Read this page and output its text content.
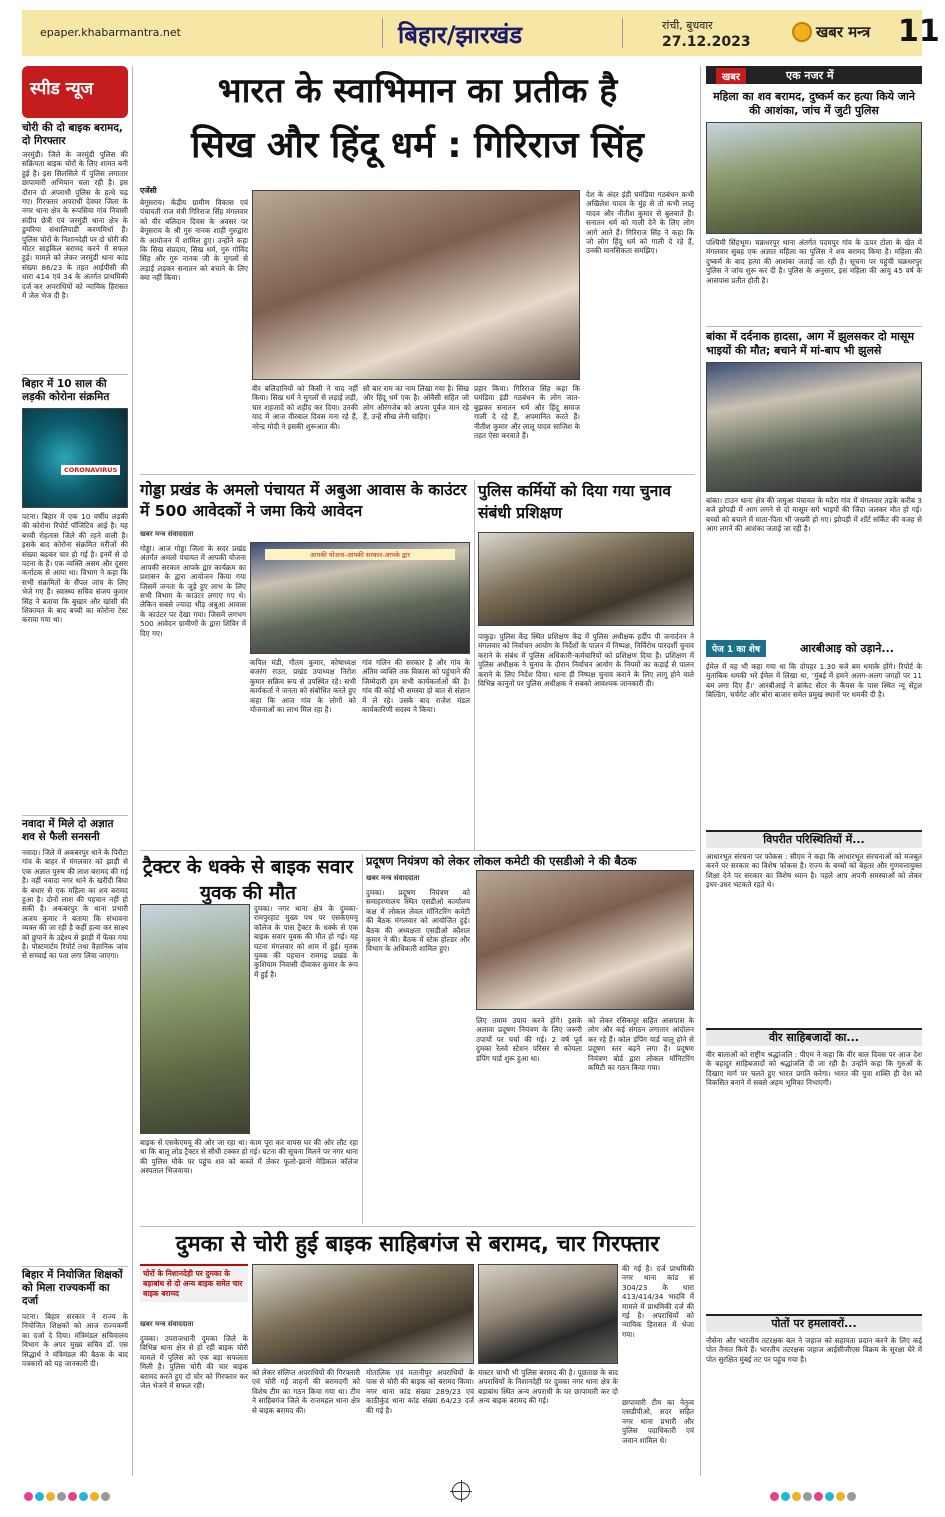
epaper.khabarmantra.net	बिहार/झारखंड	रांची, बुधवार
27.12.2023
खबर मन्त्र 11
स्पीड न्यूज
चोरी की दो बाइक बरामद, दो गिरफ्तार
जरमुंडी। जिले के जरमुंडी पुलिस की सक्रियता बाइक चोरों के लिए शामत बनी हुई है। इस सिलसिले में पुलिस लगातार छापामारी अभियान चला रही है। इस दौरान दो अपराधी पुलिस के हत्थे चढ़ गए। गिरफ्तार अपराधी देवघर जिला के नगर थाना क्षेत्र के रूपसिया गांव निवासी संदीप छेत्री एवं जरमुंडी थाना क्षेत्र के डुमरिया संथालियाडी करणमिर्धा हैं। पुलिस चोरों के निशानदेही पर दो चोरी की मोटर साइकिल बरामद करने में सफल हुई। मामले को लेकर जरमुंडी थाना कांड संख्या 86/23 के तहत आईपीसी की धारा 414 एवं 34 के अंतर्गत प्राथमिकी दर्ज कर अपराधियों को न्यायिक हिरासत में जेल भेज दी है।
बिहार में 10 साल की लड़की कोरोना संक्रमित
CORONAVIRUS
पटना। बिहार में एक 10 वर्षीय लड़की की कोरोना रिपोर्ट पॉजिटिव आई है। यह बच्ची रोहतास जिले की रहने वाली है। इसके बाद कोरोना संक्रमित मरीजों की संख्या बढ़कर चार हो गई है। इनमें से दो पटना के हैं। एक व्यक्ति असम और दूसरा कर्नाटक से आया था। विभाग ने कहा कि सभी संक्रमितों के सैंपल जांच के लिए भेजे गए हैं। स्वास्थ्य सचिव संजय कुमार सिंह ने बताया कि बुखार और खांसी की शिकायत के बाद बच्ची का कोरोना टेस्ट कराया गया था।
नवादा में मिले दो अज्ञात शव से फैली सनसनी
नवादा। जिले में अकबरपुर थाने के पिरौटा गांव के बाहर में मंगलवार को झाड़ी से एक अज्ञात पुरुष की लाश बरामद की गई है। वहीं नवादा नगर थाने के खरीदी बिघा के बधार से एक महिला का शव बरामद हुआ है। दोनों लाश की पहचान नहीं हो सकी है। अकबरपुर के थाना प्रभारी अजय कुमार ने बताया कि संभावना व्यक्त की जा रही है कहीं हत्या कर साक्ष्य को छुपाने के उद्देश्य से झाड़ी में फेंका गया है। पोस्टमार्टम रिपोर्ट तथा वैज्ञानिक जांच से सच्चाई का पता लगा लिया जाएगा।
बिहार में नियोजित शिक्षकों को मिला राज्यकर्मी का दर्जा
पटना। बिहार सरकार ने राज्य के नियोजित शिक्षकों को आज राज्यकर्मी का दर्जा दे दिया। मंत्रिमंडल सचिवालय विभाग के अपर मुख्य सचिव डॉ. एस सिद्धार्थ ने मंत्रिमंडल की बैठक के बाद पत्रकारों को यह जानकारी दी।
भारत के स्वाभिमान का प्रतीक है
सिख और हिंदू धर्म : गिरिराज सिंह
एजेंसी
बेगूसराय। केंद्रीय ग्रामीण विकास एवं पंचायती राज मंत्री गिरिराज सिंह मंगलवार को वीर बलिदान दिवस के अवसर पर बेगूसराय के श्री गुरु नानक शाही गुरुद्वारा के आयोजन में शामिल हुए। उन्होंने कहा कि सिख संप्रदाय, सिख धर्म, गुरु गोविंद सिंह और गुरु नानक जी के मुगलों से लड़ाई लड़कर सनातन को बचाने के लिए क्या नहीं किया।
वीर बलिदानियों को किसी ने याद नहीं किया। सिख धर्म ने मुगलों से लड़ाई लड़ी, चार शहजादे को शहीद कर दिया। उनकी याद में आज वीरबाल दिवस मना रहे हैं, नरेन्द्र मोदी ने इसकी शुरूआत की।
सौ बार राम का नाम लिखा गया है। सिख और हिंदू धर्म एक है। ओवैसी सहित जो लोग औरंगजेब को अपना पूर्वज मान रहे हैं, उन्हें सीख लेनी चाहिए।
प्रहार किया। गिरिराज सिंह कहा कि घमंडिया इंडी गठबंधन के लोग जात-बुझकर सनातन धर्म और हिंदू समाज गाली दे रहे हैं, अपमानित करते हैं। नीतीश कुमार और लालू यादव साजिश के तहत ऐसा करवाते हैं।
देश के अंदर इंडी घमंडिया गठबंधन कभी अखिलेश यादव के मुंह से तो कभी लालू यादव और नीतीश कुमार से बुलवाते हैं। सनातन धर्म को गाली देने के लिए लोग आगे आते हैं। गिरिराज सिंह ने कहा कि जो लोग हिंदू धर्म को गाली दे रहे हैं, उनकी मानसिकता समझिए।
गोड्डा प्रखंड के अमलो पंचायत में अबुआ आवास के काउंटर में 500 आवेदकों ने जमा किये आवेदन
खबर मन्त्र संवाददाता
गोड्डा। आज गोड्डा जिला के सदर प्रखंड अंतर्गत अमलो पंचायत में आपकी योजना आपकी सरकार आपके द्वार कार्यक्रम का प्रशासन के द्वारा आयोजन किया गया जिसमें जनता के जुड़े हुए लाभ के लिए सभी विभाग के काउंटर लगाए गए थे। लेकिन सबसे ज्यादा भीड़ अबुआ आवास के काउंटर पर देखा गया। जिसमें लगभग 500 आवेदन ग्रामीणों के द्वारा शिविर में दिए गए।
आपकी योजना-आपकी सरकार-आपके द्वार
कपिल मंडी, गौतम कुमार, कोषाध्यक्ष बजरंग राउत, प्रखंड उपाध्यक्ष निरोश कुमार सक्रिय रूप से उपस्थित रहे। सभी कार्यकर्ता ने जनता को संबोधित करते हुए कहा कि आज गांव के लोगों को योजनाओं का लाभ मिल रहा है।
गांव गलिन की सरकार है और गांव के अंतिम व्यक्ति तक विकास को पहुंचाने की जिम्मेदारी हम सभी कार्यकर्ताओं की है। गांव की कोई भी समस्या हो बात से संज्ञान में ले रहे। उसके बाद राजेश मंडल कार्यकारिणी सदस्य ने किया।
पुलिस कर्मियों को दिया गया चुनाव संबंधी प्रशिक्षण
पाकुड़। पुलिस केंद्र स्थित प्रशिक्षण केंद्र में पुलिस अधीक्षक हर्दीप पी जनार्दनन ने मंगलवार को निर्वाचन आयोग के निर्देशों के पालन में निष्पक्ष, निर्विरोध पारदर्शी चुनाव कराने के संबंध में पुलिस अधिकारी-कर्मचारियों को प्रशिक्षण दिया है। प्रशिक्षण में पुलिस अधीक्षक ने चुनाव के दौरान निर्वाचन आयोग के नियमों का कड़ाई से पालन कराने के लिए निर्देश दिया। थाना ही निष्पक्ष चुनाव कराने के लिए लागू होने वाले विभिन्न कानूनों पर पुलिस अधीक्षक ने सबको आवश्यक जानकारी दी।
ट्रैक्टर के धक्के से बाइक सवार युवक की मौत
दुमका। नगर थाना क्षेत्र के दुमका-रामपुरहाट मुख्य पथ पर एसकेएमयू कॉलेज के पास ट्रैक्टर के धक्के से एक बाइक सवार युवक की मौत हो गई। यह घटना मंगलवार को शाम में हुई। मृतक युवक की पहचान रामगढ़ प्रखंड के कुशियाम निवासी दीवाकर कुमार के रूप में हुई है।
बाइक से एसकेएमयू की ओर जा रहा था। काम पूरा कर वापस घर की ओर लौट रहा था कि बालू लोड ट्रैक्टर से सीधी टक्कर हो गई। घटना की सूचना मिलने पर नगर थाना की पुलिस मौके पर पहुंच शव को कब्जे में लेकर फूलो-झानो मेडिकल कॉलेज अस्पताल भिजवाया।
प्रदूषण नियंत्रण को लेकर लोकल कमेटी की एसडीओ ने की बैठक
खबर मन्त्र संवाददाता
दुमका। प्रदूषण नियंत्रण को समाहरणालय स्थित एसडीओ कार्यालय कक्ष में लोकल लेवल मॉनिटरिंग कमेटी की बैठक मंगलवार को आयोजित हुई। बैठक की अध्यक्षता एसडीओ कौशल कुमार ने की। बैठक में स्टेक होल्डर और विभाग के अधिकारी शामिल हुए।
लिए तमाम उपाय करने होंगे। इसके अलावा प्रदूषण नियंत्रण के लिए जरूरी उपायों पर चर्चा की गई। 2 वर्ष पूर्व दुमका रेलवे स्टेशन परिसर से कोयला डंपिंग यार्ड शुरू हुआ था।
को लेकर रसिकपुर सहित आसपास के लोग और कई संगठन लगातार आंदोलन कर रहे हैं। कोल डंपिंग यार्ड चालू होने से प्रदूषण स्तर बढ़ने लगा है। प्रदूषण नियंत्रण बोर्ड द्वारा लोकल मॉनिटरिंग कमिटी का गठन किया गया।
दुमका से चोरी हुई बाइक साहिबगंज से बरामद, चार गिरफ्तार
चोरों के निशानदेही पर दुमका के बड़ाबांध से दो अन्य बाइक समेत चार बाइक बरामद
खबर मन्त्र संवाददाता
दुमका। उपराजधानी दुमका जिले के विभिन्न थाना क्षेत्र से हो रही बाइक चोरी मामले में पुलिस को एक बड़ा सफलता मिली है। पुलिस चोरी की चार बाइक बरामद करते हुए दो चोर को गिरफ्तार कर जेल भेजने में सफल रही।
को लेकर संलिप्त अपराधियों की गिरफ्तारी एवं चोरी गई वाहनों की बरामदगी को विशेष टीम का गठन किया गया था। टीम ने साहिबगंज जिले के राजमहल थाना क्षेत्र से बाइक बरामद की।
मोतालिक एवं मतानीपुर अपराधियों के पास से चोरी की बाइक को बरामद किया। नगर थाना कांड संख्या 289/23 एवं काठीकुंड थाना कांड संख्या 64/23 दर्ज की गई है।
मास्टर चाभी भी पुलिस बरामद की है। पूछताछ के बाद अपराधियों के निशानदेही पर दुमका नगर थाना क्षेत्र के बड़ाबांध स्थित अन्य अपराधी के घर छापामारी कर दो अन्य बाइक बरामद की गई।
की गई है। दर्ज प्राथमिकी नगर थाना कांड सं 304/23 के धारा 413/414/34 भादवि में मामले में प्राथमिकी दर्ज की गई है। अपराधियों को न्यायिक हिरासत में भेजा गया।
छापामारी टीम का नेतृत्व एसडीपीओ, सदर सहित नगर थाना प्रभारी और पुलिस पदाधिकारी एवं जवान शामिल थे।
खबर	एक नजर में
महिला का शव बरामद, दुष्कर्म कर हत्या किये जाने की आशंका, जांच में जुटी पुलिस
पश्चिमी सिंहभूम। चक्रधरपुर थाना अंतर्गत पदमपुर गांव के ऊपर टोला के खेत में मंगलवार सुबह एक अज्ञात महिला का पुलिस ने शव बरामद किया है। महिला की दुष्कर्म के बाद हत्या की आशंका जताई जा रही है। सूचना पर पहुंची चक्रधरपुर पुलिस ने जांच शुरू कर दी है। पुलिस के अनुसार, इस महिला की आयु 45 वर्ष के आसपास प्रतीत होती है।
बांका में दर्दनाक हादसा, आग में झुलसकर दो मासूम भाइयों की मौत; बचाने में मां-बाप भी झुलसे
बांका। टाउन थाना क्षेत्र की जमुआ पंचायत के मदैरा गांव में मंगलवार तड़के करीब 3 बजे झोपड़ी में आग लगने से दो मासूम सगे भाइयों की जिंदा जलकर मौत हो गई। बच्चों को बचाने में माता-पिता भी जख्मी हो गए। झोपड़ी में शॉर्ट सर्किट की वजह से आग लगने की आशंका जताई जा रही है।
पेज 1 का शेष	आरबीआइ को उड़ाने...
ईमेल में यह भी कहा गया था कि दोपहर 1.30 बजे बम धमाके होंगे। रिपोर्ट के मुताबिक धमकी भरे ईमेल में लिखा था, ‘मुंबई में हमने अलग-अलग जगहों पर 11 बम लगा दिए हैं।’ आरबीआई ने ब्रांकेट सेंटर के कैंपस के पास स्थित न्यू सेंट्रल बिल्डिंग, चर्चगेट और बोरा बाजार समेत प्रमुख स्थानों पर धमकी दी है।
विपरीत परिस्थितियों में...
आधारभूत संरचना पर फोकस : सीएम ने कहा कि आधारभूत संरचनाओं को मजबूत करने पर सरकार का विशेष फोकस है। राज्य के बच्चों को बेहतर और गुणवत्तायुक्त शिक्षा देने पर सरकार का विशेष ध्यान है। पहले आप अपनी समस्याओं को लेकर इधर-उधर भटकते रहते थे।
वीर साहिबजादों का...
वीर बालाओं को राष्ट्रीय श्रद्धांजलि : पीएम ने कहा कि वीर बाल दिवस पर आज देश के बहादुर साहिबजादों को श्रद्धांजलि दी जा रही है। उन्होंने कहा कि गुरुओं के दिखाए मार्ग पर चलते हुए भारत प्रगति करेगा। भारत की युवा शक्ति ही देश को विकसित बनाने में सबसे अहम भूमिका निभाएगी।
पोतों पर हमलावरों...
नौसेना और भारतीय तटरक्षक बल ने जहाज को सहायता प्रदान करने के लिए कई पोत तैनात किये हैं। भारतीय तटरक्षक जहाज आईसीजीएस विक्रम के सुरक्षा घेरे में पोत सुरक्षित मुंबई तट पर पहुंच गया है।
